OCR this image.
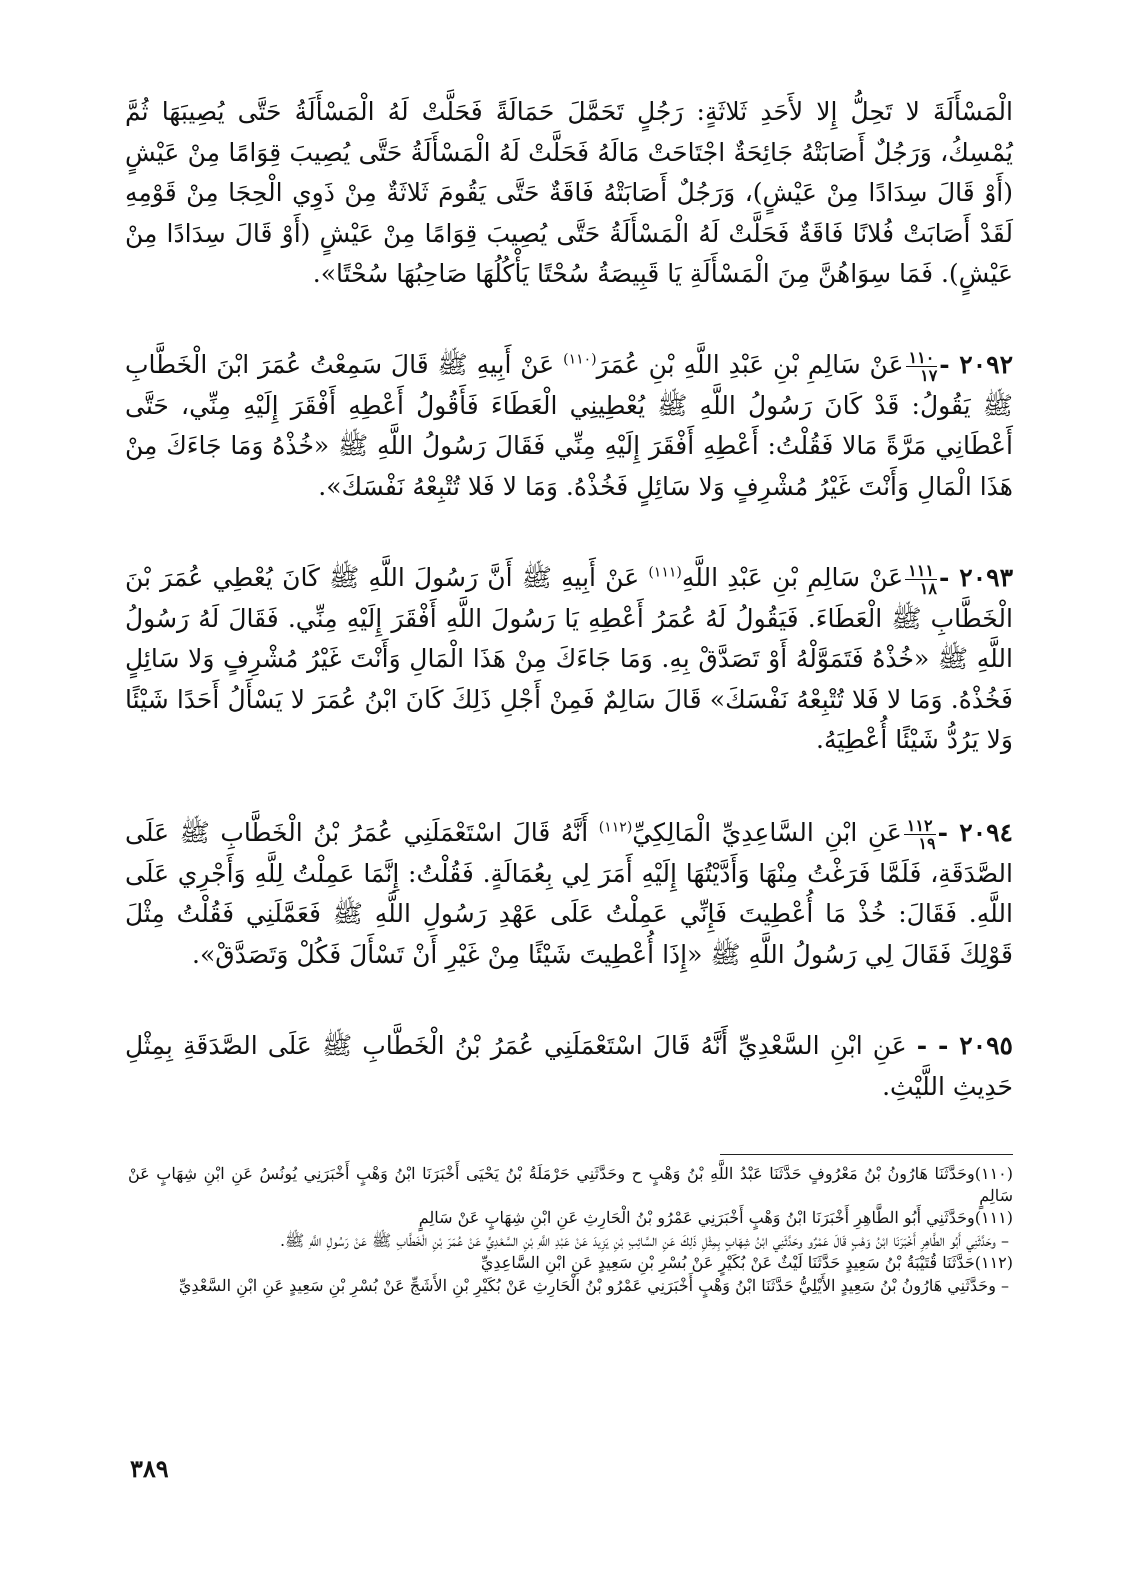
الْمَسْأَلَةَ لا تَحِلُّ إِلا لأَحَدِ ثَلاثَةٍ: رَجُلٍ تَحَمَّلَ حَمَالَةً فَحَلَّتْ لَهُ الْمَسْأَلَةُ حَتَّى يُصِيبَهَا ثُمَّ يُمْسِكُ، وَرَجُلٌ أَصَابَتْهُ جَائِحَةٌ اجْتَاحَتْ مَالَهُ فَحَلَّتْ لَهُ الْمَسْأَلَةُ حَتَّى يُصِيبَ قِوَامًا مِنْ عَيْشٍ (أَوْ قَالَ سِدَادًا مِنْ عَيْشٍ)، وَرَجُلٌ أَصَابَتْهُ فَاقَةٌ حَتَّى يَقُومَ ثَلاثَةٌ مِنْ ذَوِي الْحِجَا مِنْ قَوْمِهِ لَقَدْ أَصَابَتْ فُلانًا فَاقَةٌ فَحَلَّتْ لَهُ الْمَسْأَلَةُ حَتَّى يُصِيبَ قِوَامًا مِنْ عَيْشٍ (أَوْ قَالَ سِدَادًا مِنْ عَيْشٍ). فَمَا سِوَاهُنَّ مِنَ الْمَسْأَلَةِ يَا قَبِيصَةُ سُحْتًا يَأْكُلُهَا صَاحِبُهَا سُحْتًا».

٢٠٩٢ -
$\frac{١١٠}{١٧}$
عَنْ سَالِمِ بْنِ عَبْدِ اللَّهِ بْنِ عُمَرَ$^{(١١٠)}$ عَنْ أَبِيهِ ﷺ قَالَ سَمِعْتُ عُمَرَ ابْنَ الْخَطَّابِ ﷺ يَقُولُ: قَدْ كَانَ رَسُولُ اللَّهِ ﷺ يُعْطِينِي الْعَطَاءَ فَأَقُولُ أَعْطِهِ أَفْقَرَ إِلَيْهِ مِنِّي، حَتَّى أَعْطَانِي مَرَّةً مَالا فَقُلْتُ: أَعْطِهِ أَفْقَرَ إِلَيْهِ مِنِّي فَقَالَ رَسُولُ اللَّهِ ﷺ «خُذْهُ وَمَا جَاءَكَ مِنْ هَذَا الْمَالِ وَأَنْتَ غَيْرُ مُشْرِفٍ وَلا سَائِلٍ فَخُذْهُ. وَمَا لا فَلا تُتْبِعْهُ نَفْسَكَ».

٢٠٩٣ -
$\frac{١١١}{١٨}$
عَنْ سَالِمِ بْنِ عَبْدِ اللَّهِ$^{(١١١)}$ عَنْ أَبِيهِ ﷺ أَنَّ رَسُولَ اللَّهِ ﷺ كَانَ يُعْطِي عُمَرَ بْنَ الْخَطَّابِ ﷺ الْعَطَاءَ. فَيَقُولُ لَهُ عُمَرُ أَعْطِهِ يَا رَسُولَ اللَّهِ أَفْقَرَ إِلَيْهِ مِنِّي. فَقَالَ لَهُ رَسُولُ اللَّهِ ﷺ «خُذْهُ فَتَمَوَّلْهُ أَوْ تَصَدَّقْ بِهِ. وَمَا جَاءَكَ مِنْ هَذَا الْمَالِ وَأَنْتَ غَيْرُ مُشْرِفٍ وَلا سَائِلٍ فَخُذْهُ. وَمَا لا فَلا تُتْبِعْهُ نَفْسَكَ» قَالَ سَالِمٌ فَمِنْ أَجْلِ ذَلِكَ كَانَ ابْنُ عُمَرَ لا يَسْأَلُ أَحَدًا شَيْئًا وَلا يَرُدُّ شَيْئًا أُعْطِيَهُ.

٢٠٩٤ -
$\frac{١١٢}{١٩}$
عَنِ ابْنِ السَّاعِدِيِّ الْمَالِكِيِّ$^{(١١٢)}$ أَنَّهُ قَالَ اسْتَعْمَلَنِي عُمَرُ بْنُ الْخَطَّابِ ﷺ عَلَى الصَّدَقَةِ، فَلَمَّا فَرَغْتُ مِنْهَا وَأَدَّيْتُهَا إِلَيْهِ أَمَرَ لِي بِعُمَالَةٍ. فَقُلْتُ: إِنَّمَا عَمِلْتُ لِلَّهِ وَأَجْرِي عَلَى اللَّهِ. فَقَالَ: خُذْ مَا أُعْطِيتَ فَإِنِّي عَمِلْتُ عَلَى عَهْدِ رَسُولِ اللَّهِ ﷺ فَعَمَّلَنِي فَقُلْتُ مِثْلَ قَوْلِكَ فَقَالَ لِي رَسُولُ اللَّهِ ﷺ «إِذَا أُعْطِيتَ شَيْئًا مِنْ غَيْرِ أَنْ تَسْأَلَ فَكُلْ وَتَصَدَّقْ».

٢٠٩٥ - - عَنِ ابْنِ السَّعْدِيِّ أَنَّهُ قَالَ اسْتَعْمَلَنِي عُمَرُ بْنُ الْخَطَّابِ ﷺ عَلَى الصَّدَقَةِ بِمِثْلِ حَدِيثِ اللَّيْثِ.

(١١٠)وحَدَّثَنَا هَارُونُ بْنُ مَعْرُوفٍ حَدَّثَنَا عَبْدُ اللَّهِ بْنُ وَهْبٍ ح وحَدَّثَنِي حَرْمَلَةُ بْنُ يَحْيَى أَخْبَرَنَا ابْنُ وَهْبٍ أَخْبَرَنِي يُونُسُ عَنِ ابْنِ شِهَابٍ عَنْ سَالِمٍ

(١١١)وحَدَّثَنِي أَبُو الطَّاهِرِ أَخْبَرَنَا ابْنُ وَهْبٍ أَخْبَرَنِي عَمْرُو بْنُ الْحَارِثِ عَنِ ابْنِ شِهَابٍ عَنْ سَالِمٍ

– وحَدَّثَنِي أَبُو الطَّاهِرِ أَخْبَرَنَا ابْنُ وَهْبٍ قَالَ عَمْرٌو وحَدَّثَنِي ابْنُ شِهَابٍ بِمِثْلِ ذَلِكَ عَنِ السَّائِبِ بْنِ يَزِيدَ عَنْ عَبْدِ اللَّهِ بْنِ السَّعْدِيِّ عَنْ عُمَرَ بْنِ الْخَطَّابِ ﷺ عَنْ رَسُولِ اللَّهِ ﷺ.

(١١٢)حَدَّثَنَا قُتَيْبَةُ بْنُ سَعِيدٍ حَدَّثَنَا لَيْثٌ عَنْ بُكَيْرٍ عَنْ بُسْرِ بْنِ سَعِيدٍ عَنِ ابْنِ السَّاعِدِيِّ

– وحَدَّثَنِي هَارُونُ بْنُ سَعِيدٍ الأَيْلِيُّ حَدَّثَنَا ابْنُ وَهْبٍ أَخْبَرَنِي عَمْرُو بْنُ الْحَارِثِ عَنْ بُكَيْرِ بْنِ الأَشَجِّ عَنْ بُسْرِ بْنِ سَعِيدٍ عَنِ ابْنِ السَّعْدِيِّ

٣٨٩
